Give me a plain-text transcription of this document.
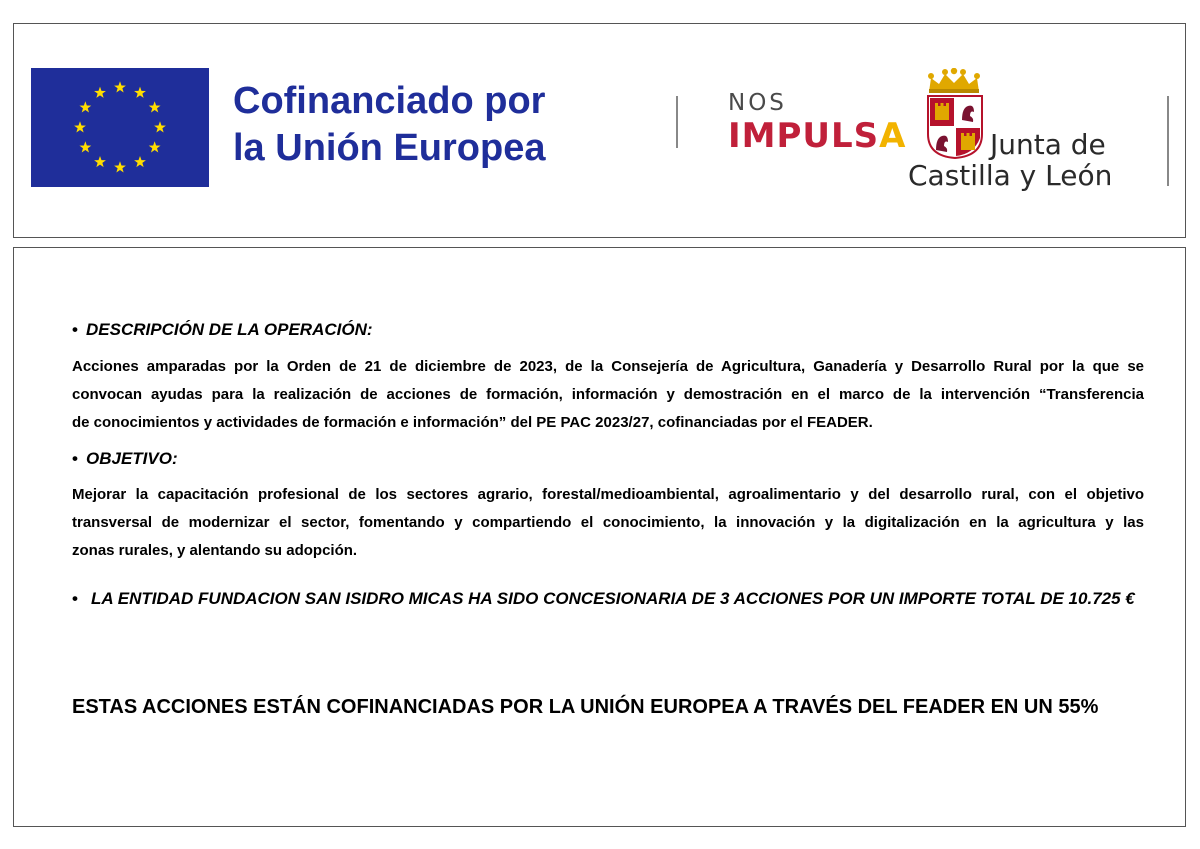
Cofinanciado por
la Unión Europea
NOS
IMPULSA	Junta de
Castilla y León
• DESCRIPCIÓN DE LA OPERACIÓN:
Acciones amparadas por la Orden de 21 de diciembre de 2023, de la Consejería de Agricultura, Ganadería y Desarrollo Rural por la que se
convocan ayudas para la realización de acciones de formación, información y demostración en el marco de la intervención “Transferencia
de conocimientos y actividades de formación e información” del PE PAC 2023/27, cofinanciadas por el FEADER.
• OBJETIVO:
Mejorar la capacitación profesional de los sectores agrario, forestal/medioambiental, agroalimentario y del desarrollo rural, con el objetivo
transversal de modernizar el sector, fomentando y compartiendo el conocimiento, la innovación y la digitalización en la agricultura y las
zonas rurales, y alentando su adopción.
• LA ENTIDAD FUNDACION SAN ISIDRO MICAS HA SIDO CONCESIONARIA DE 3 ACCIONES POR UN IMPORTE TOTAL DE 10.725 €
ESTAS ACCIONES ESTÁN COFINANCIADAS POR LA UNIÓN EUROPEA A TRAVÉS DEL FEADER EN UN 55%
